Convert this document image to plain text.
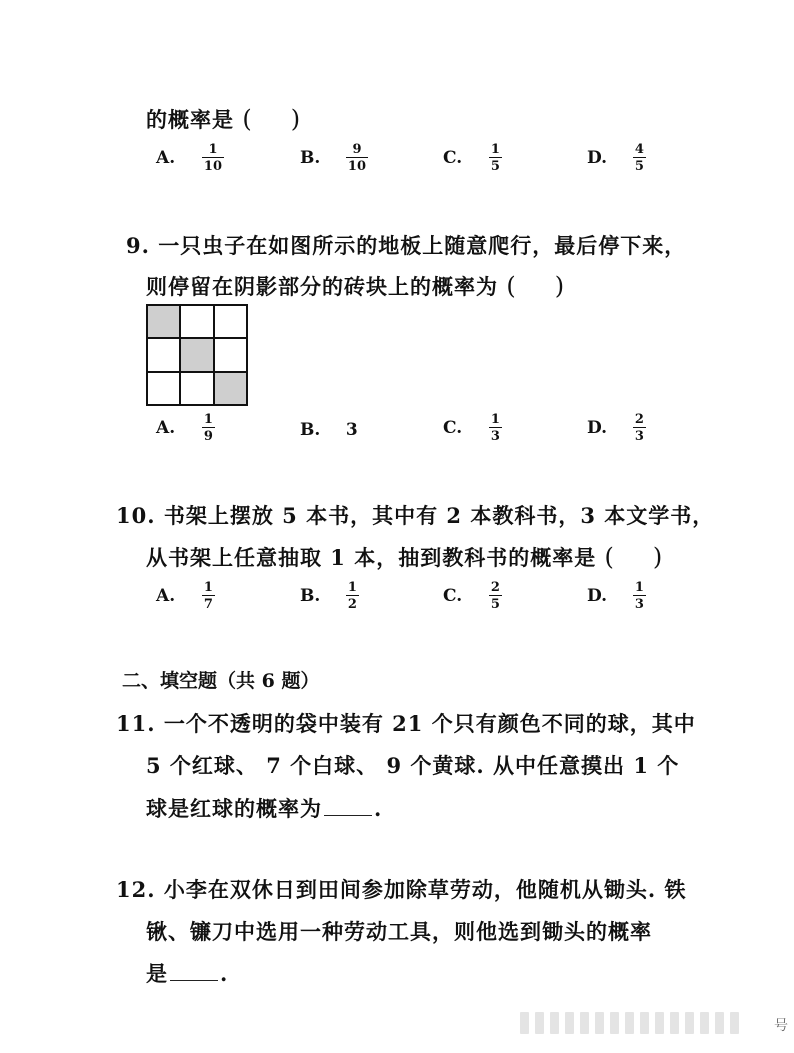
的概率是 ( )
A. $\frac{1}{10}$	B. $\frac{9}{10}$	C. $\frac{1}{5}$	D. $\frac{4}{5}$
9. 一只虫子在如图所示的地板上随意爬行，最后停下来，
则停留在阴影部分的砖块上的概率为 ( )
A. $\frac{1}{9}$	B. 3	C. $\frac{1}{3}$	D. $\frac{2}{3}$
10. 书架上摆放 5 本书，其中有 2 本教科书，3 本文学书，
从书架上任意抽取 1 本，抽到教科书的概率是 ( )
A. $\frac{1}{7}$	B. $\frac{1}{2}$	C. $\frac{2}{5}$	D. $\frac{1}{3}$
二、填空题（共 6 题）
11. 一个不透明的袋中装有 21 个只有颜色不同的球，其中
5 个红球、 7 个白球、 9 个黄球. 从中任意摸出 1 个
球是红球的概率为 .
12. 小李在双休日到田间参加除草劳动，他随机从锄头. 铁
锹、镰刀中选用一种劳动工具，则他选到锄头的概率
是 .
号
